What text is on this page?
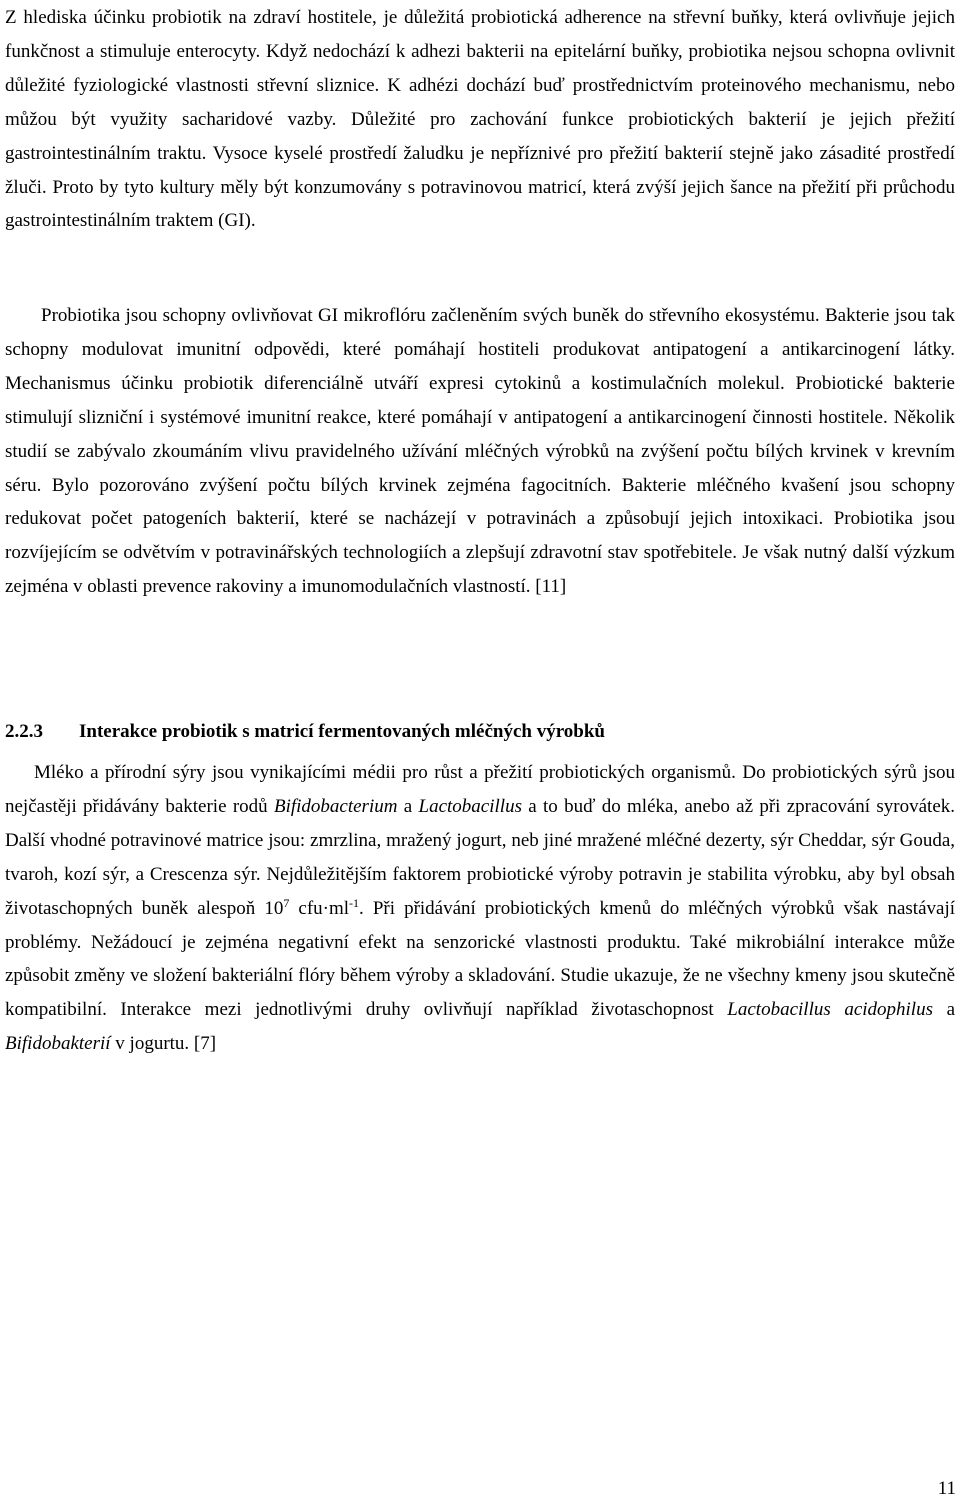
Z hlediska účinku probiotik na zdraví hostitele, je důležitá probiotická adherence na střevní buňky, která ovlivňuje jejich funkčnost a stimuluje enterocyty. Když nedochází k adhezi bakterii na epitelární buňky, probiotika nejsou schopna ovlivnit důležité fyziologické vlastnosti střevní sliznice. K adhézi dochází buď prostřednictvím proteinového mechanismu, nebo můžou být využity sacharidové vazby. Důležité pro zachování funkce probiotických bakterií je jejich přežití gastrointestinálním traktu. Vysoce kyselé prostředí žaludku je nepříznivé pro přežití bakterií stejně jako zásadité prostředí žluči. Proto by tyto kultury měly být konzumovány s potravinovou matricí, která zvýší jejich šance na přežití při průchodu gastrointestinálním traktem (GI).

Probiotika jsou schopny ovlivňovat GI mikroflóru začleněním svých buněk do střevního ekosystému. Bakterie jsou tak schopny modulovat imunitní odpovědi, které pomáhají hostiteli produkovat antipatogení a antikarcinogení látky. Mechanismus účinku probiotik diferenciálně utváří expresi cytokinů a kostimulačních molekul. Probiotické bakterie stimulují slizniční i systémové imunitní reakce, které pomáhají v antipatogení a antikarcinogení činnosti hostitele. Několik studií se zabývalo zkoumáním vlivu pravidelného užívání mléčných výrobků na zvýšení počtu bílých krvinek v krevním séru. Bylo pozorováno zvýšení počtu bílých krvinek zejména fagocitních. Bakterie mléčného kvašení jsou schopny redukovat počet patogeních bakterií, které se nacházejí v potravinách a způsobují jejich intoxikaci. Probiotika jsou rozvíjejícím se odvětvím v potravinářských technologiích a zlepšují zdravotní stav spotřebitele. Je však nutný další výzkum zejména v oblasti prevence rakoviny a imunomodulačních vlastností. [11]

2.2.3 Interakce probiotik s matricí fermentovaných mléčných výrobků

Mléko a přírodní sýry jsou vynikajícími médii pro růst a přežití probiotických organismů. Do probiotických sýrů jsou nejčastěji přidávány bakterie rodů Bifidobacterium a Lactobacillus a to buď do mléka, anebo až při zpracování syrovátek. Další vhodné potravinové matrice jsou: zmrzlina, mražený jogurt, neb jiné mražené mléčné dezerty, sýr Cheddar, sýr Gouda, tvaroh, kozí sýr, a Crescenza sýr. Nejdůležitějším faktorem probiotické výroby potravin je stabilita výrobku, aby byl obsah životaschopných buněk alespoň $10^7$ $cfu\cdot ml^{-1}$. Při přidávání probiotických kmenů do mléčných výrobků však nastávají problémy. Nežádoucí je zejména negativní efekt na senzorické vlastnosti produktu. Také mikrobiální interakce může způsobit změny ve složení bakteriální flóry během výroby a skladování. Studie ukazuje, že ne všechny kmeny jsou skutečně kompatibilní. Interakce mezi jednotlivými druhy ovlivňují například životaschopnost Lactobacillus acidophilus a Bifidobakterií v jogurtu. [7]

11
